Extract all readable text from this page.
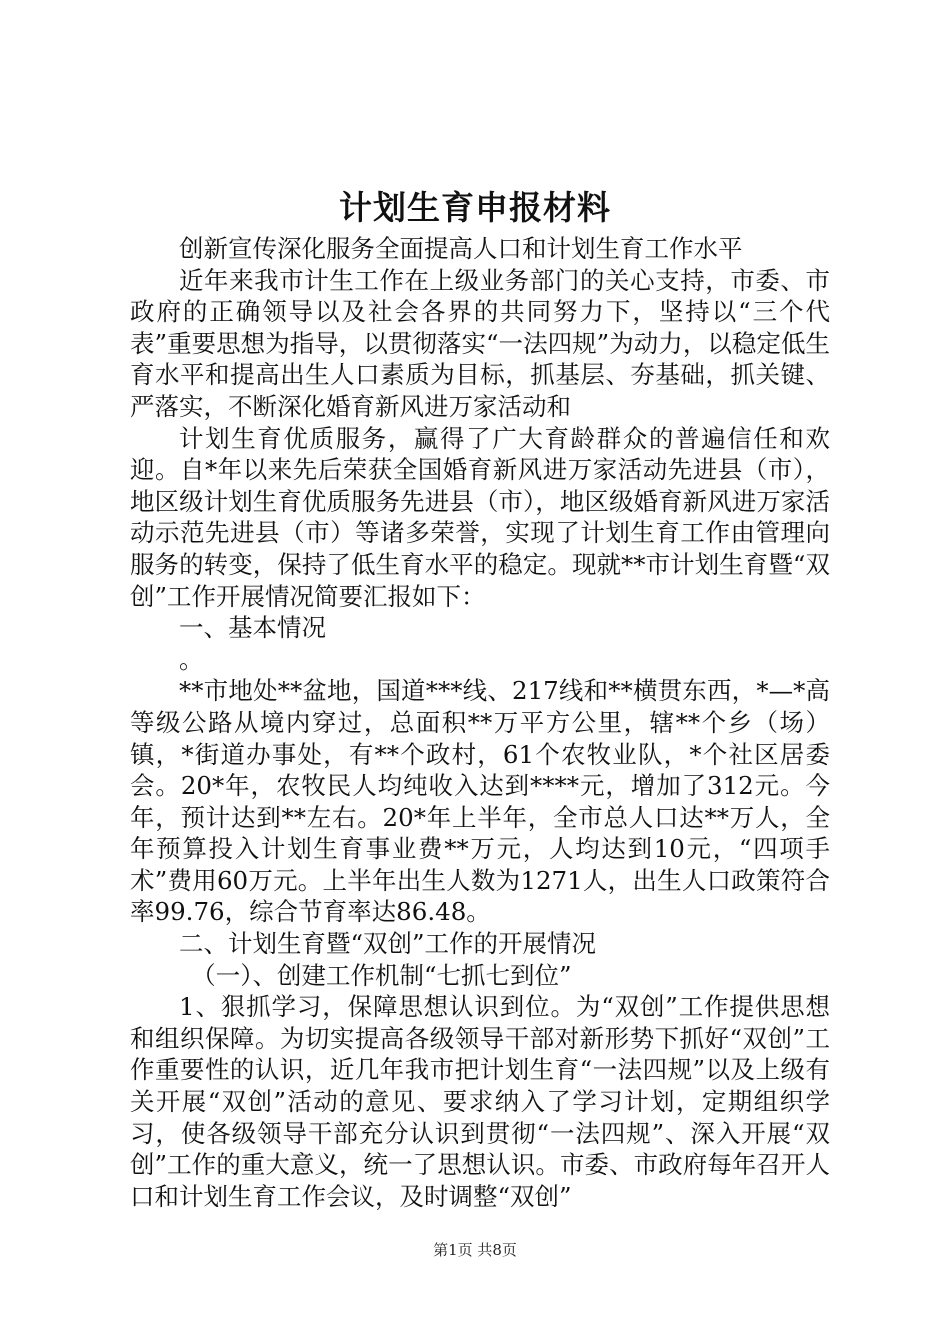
计划生育申报材料

创新宣传深化服务全面提高人口和计划生育工作水平

近年来我市计生工作在上级业务部门的关心支持，市委、市政府的正确领导以及社会各界的共同努力下，坚持以“三个代表”重要思想为指导，以贯彻落实“一法四规”为动力，以稳定低生育水平和提高出生人口素质为目标，抓基层、夯基础，抓关键、严落实，不断深化婚育新风进万家活动和

计划生育优质服务，赢得了广大育龄群众的普遍信任和欢迎。自*年以来先后荣获全国婚育新风进万家活动先进县（市），地区级计划生育优质服务先进县（市），地区级婚育新风进万家活动示范先进县（市）等诸多荣誉，实现了计划生育工作由管理向服务的转变，保持了低生育水平的稳定。现就**市计划生育暨“双创”工作开展情况简要汇报如下：

一、基本情况

。

**市地处**盆地，国道***线、217线和**横贯东西，*—*高等级公路从境内穿过，总面积**万平方公里，辖**个乡（场）镇，*街道办事处，有**个政村，61个农牧业队，*个社区居委会。20*年，农牧民人均纯收入达到****元，增加了312元。今年，预计达到**左右。20*年上半年，全市总人口达**万人，全年预算投入计划生育事业费**万元，人均达到10元，“四项手术”费用60万元。上半年出生人数为1271人，出生人口政策符合率99.76，综合节育率达86.48。

二、计划生育暨“双创”工作的开展情况

（一）、创建工作机制“七抓七到位”

1、狠抓学习，保障思想认识到位。为“双创”工作提供思想和组织保障。为切实提高各级领导干部对新形势下抓好“双创”工作重要性的认识，近几年我市把计划生育“一法四规”以及上级有关开展“双创”活动的意见、要求纳入了学习计划，定期组织学习，使各级领导干部充分认识到贯彻“一法四规”、深入开展“双创”工作的重大意义，统一了思想认识。市委、市政府每年召开人口和计划生育工作会议，及时调整“双创”

第1页 共8页
